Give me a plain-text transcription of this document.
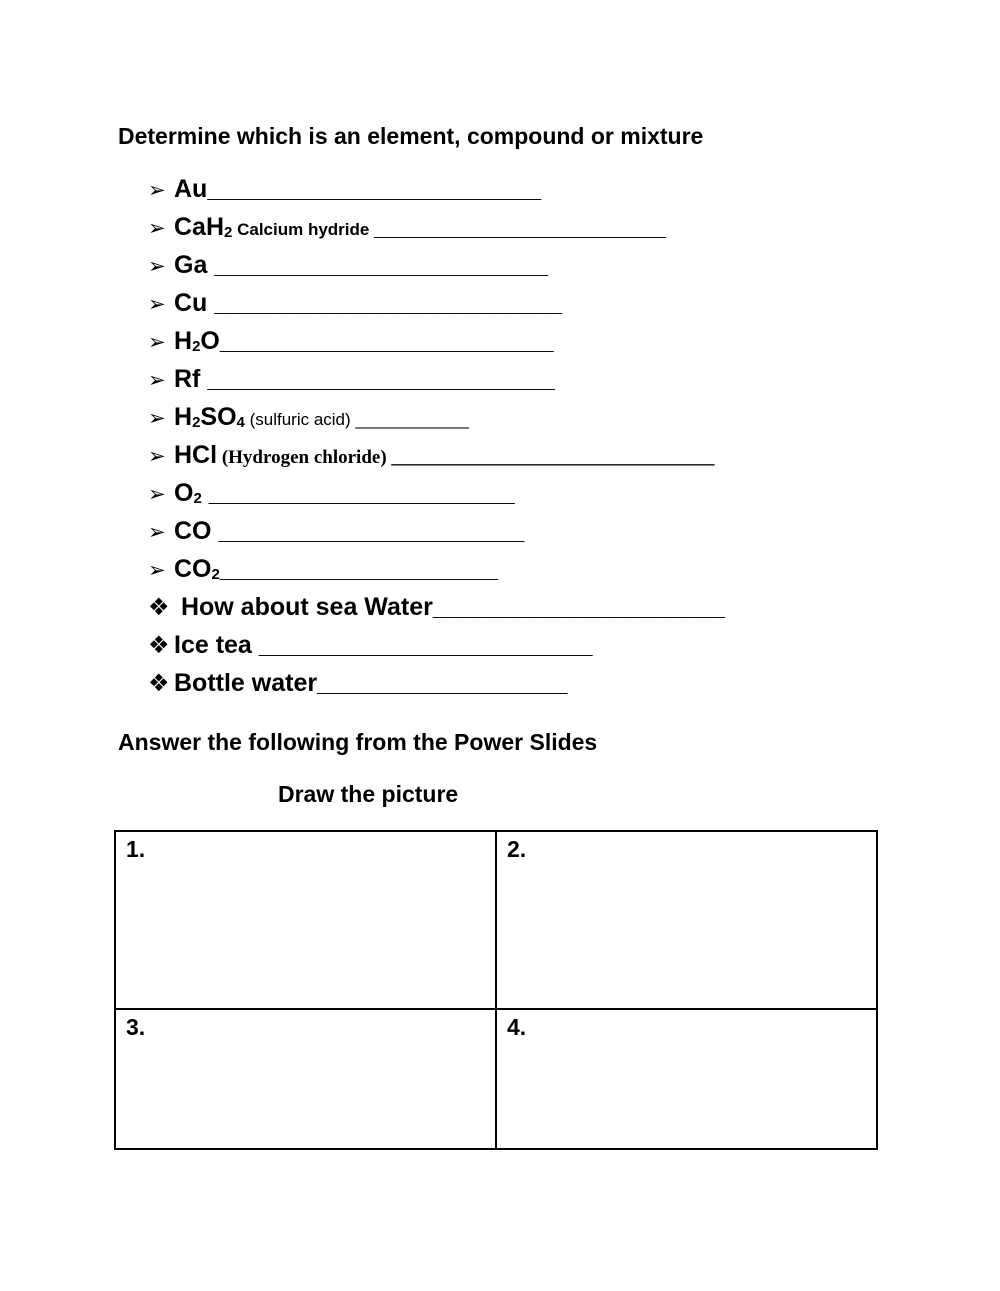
Determine which is an element, compound or mixture
➢ Au________________________
➢ CaH2 Calcium hydride _____________________
➢ Ga ________________________
➢ Cu _________________________
➢ H2O________________________
➢ Rf _________________________
➢ H2SO4 (sulfuric acid) ____________
➢ HCl (Hydrogen chloride) __________________________________
➢ O2 ______________________
➢ CO ______________________
➢ CO2____________________
❖ How about sea Water_____________________
❖ Ice tea ________________________
❖ Bottle water__________________
Answer the following from the Power Slides
Draw the picture
1.	2.
3.	4.
